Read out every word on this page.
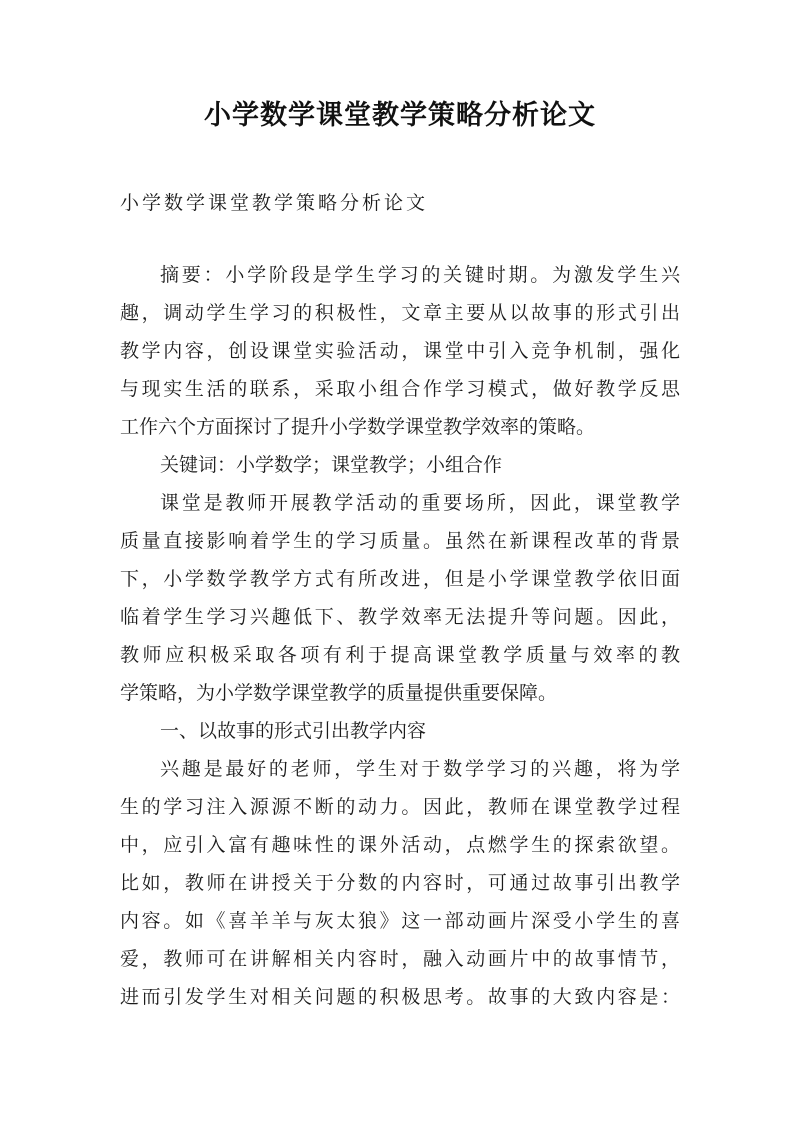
小学数学课堂教学策略分析论文
小学数学课堂教学策略分析论文
摘要：小学阶段是学生学习的关键时期。为激发学生兴
趣，调动学生学习的积极性，文章主要从以故事的形式引出
教学内容，创设课堂实验活动，课堂中引入竞争机制，强化
与现实生活的联系，采取小组合作学习模式，做好教学反思
工作六个方面探讨了提升小学数学课堂教学效率的策略。
关键词：小学数学；课堂教学；小组合作
课堂是教师开展教学活动的重要场所，因此，课堂教学
质量直接影响着学生的学习质量。虽然在新课程改革的背景
下，小学数学教学方式有所改进，但是小学课堂教学依旧面
临着学生学习兴趣低下、教学效率无法提升等问题。因此，
教师应积极采取各项有利于提高课堂教学质量与效率的教
学策略，为小学数学课堂教学的质量提供重要保障。
一、以故事的形式引出教学内容
兴趣是最好的老师，学生对于数学学习的兴趣，将为学
生的学习注入源源不断的动力。因此，教师在课堂教学过程
中，应引入富有趣味性的课外活动，点燃学生的探索欲望。
比如，教师在讲授关于分数的内容时，可通过故事引出教学
内容。如《喜羊羊与灰太狼》这一部动画片深受小学生的喜
爱，教师可在讲解相关内容时，融入动画片中的故事情节，
进而引发学生对相关问题的积极思考。故事的大致内容是：
